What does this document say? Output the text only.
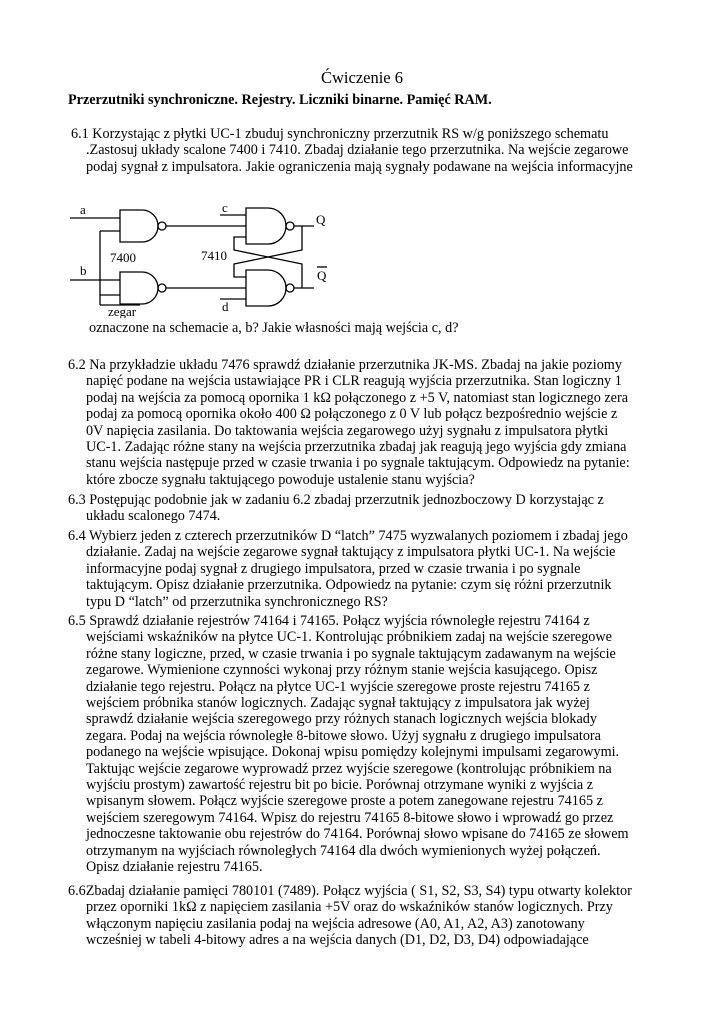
Ćwiczenie 6

Przerzutniki synchroniczne. Rejestry. Liczniki binarne. Pamięć RAM.

6.1 Korzystając z płytki UC-1 zbuduj synchroniczny przerzutnik RS w/g poniższego schematu
.Zastosuj układy scalone 7400 i 7410. Zbadaj działanie tego przerzutnika. Na wejście zegarowe
podaj sygnał z impulsatora. Jakie ograniczenia mają sygnały podawane na wejścia informacyjne
a
b
c
d
Q
Q
7400	7410
zegar
oznaczone na schemacie a, b? Jakie własności mają wejścia c, d?
6.2 Na przykładzie układu 7476 sprawdź działanie przerzutnika JK-MS. Zbadaj na jakie poziomy
napięć podane na wejścia ustawiające PR i CLR reagują wyjścia przerzutnika. Stan logiczny 1
podaj na wejścia za pomocą opornika 1 kΩ połączonego z +5 V, natomiast stan logicznego zera
podaj za pomocą opornika około 400 Ω połączonego z 0 V lub połącz bezpośrednio wejście z
0V napięcia zasilania. Do taktowania wejścia zegarowego użyj sygnału z impulsatora płytki
UC-1. Zadając różne stany na wejścia przerzutnika zbadaj jak reagują jego wyjścia gdy zmiana
stanu wejścia następuje przed w czasie trwania i po sygnale taktującym. Odpowiedz na pytanie:
które zbocze sygnału taktującego powoduje ustalenie stanu wyjścia?
6.3 Postępując podobnie jak w zadaniu 6.2 zbadaj przerzutnik jednozboczowy D korzystając z
układu scalonego 7474.
6.4 Wybierz jeden z czterech przerzutników D “latch” 7475 wyzwalanych poziomem i zbadaj jego
działanie. Zadaj na wejście zegarowe sygnał taktujący z impulsatora płytki UC-1. Na wejście
informacyjne podaj sygnał z drugiego impulsatora, przed w czasie trwania i po sygnale
taktującym. Opisz działanie przerzutnika. Odpowiedz na pytanie: czym się różni przerzutnik
typu D “latch” od przerzutnika synchronicznego RS?
6.5 Sprawdź działanie rejestrów 74164 i 74165. Połącz wyjścia równoległe rejestru 74164 z
wejściami wskaźników na płytce UC-1. Kontrolując próbnikiem zadaj na wejście szeregowe
różne stany logiczne, przed, w czasie trwania i po sygnale taktującym zadawanym na wejście
zegarowe. Wymienione czynności wykonaj przy różnym stanie wejścia kasującego. Opisz
działanie tego rejestru. Połącz na płytce UC-1 wyjście szeregowe proste rejestru 74165 z
wejściem próbnika stanów logicznych. Zadając sygnał taktujący z impulsatora jak wyżej
sprawdź działanie wejścia szeregowego przy różnych stanach logicznych wejścia blokady
zegara. Podaj na wejścia równoległe 8-bitowe słowo. Użyj sygnału z drugiego impulsatora
podanego na wejście wpisujące. Dokonaj wpisu pomiędzy kolejnymi impulsami zegarowymi.
Taktując wejście zegarowe wyprowadź przez wyjście szeregowe (kontrolując próbnikiem na
wyjściu prostym) zawartość rejestru bit po bicie. Porównaj otrzymane wyniki z wyjścia z
wpisanym słowem. Połącz wyjście szeregowe proste a potem zanegowane rejestru 74165 z
wejściem szeregowym 74164. Wpisz do rejestru 74165 8-bitowe słowo i wprowadź go przez
jednoczesne taktowanie obu rejestrów do 74164. Porównaj słowo wpisane do 74165 ze słowem
otrzymanym na wyjściach równoległych 74164 dla dwóch wymienionych wyżej połączeń.
Opisz działanie rejestru 74165.
6.6Zbadaj działanie pamięci 780101 (7489). Połącz wyjścia ( S1, S2, S3, S4) typu otwarty kolektor
przez oporniki 1kΩ z napięciem zasilania +5V oraz do wskaźników stanów logicznych. Przy
włączonym napięciu zasilania podaj na wejścia adresowe (A0, A1, A2, A3) zanotowany
wcześniej w tabeli 4-bitowy adres a na wejścia danych (D1, D2, D3, D4) odpowiadające
